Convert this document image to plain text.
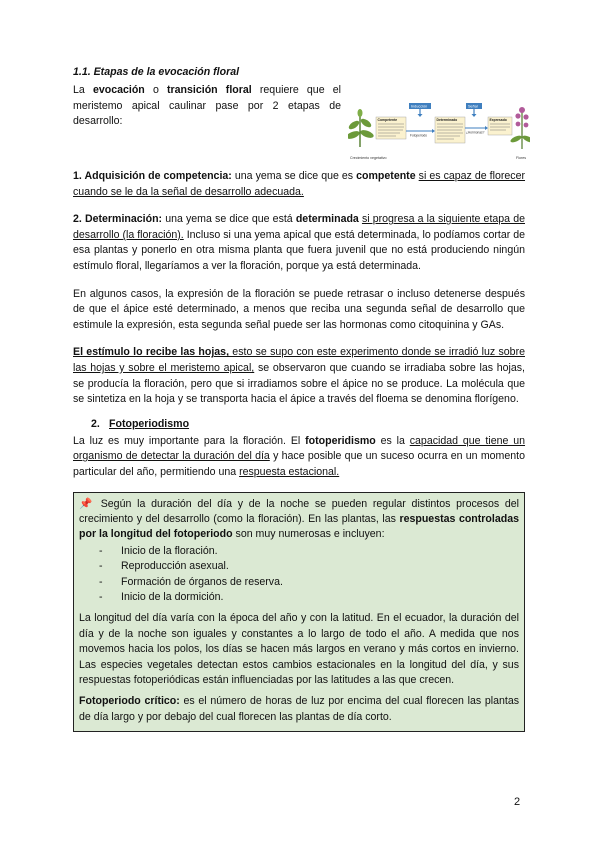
1.1. Etapas de la evocación floral

La evocación o transición floral requiere que el meristemo apical caulinar pase por 2 etapas de desarrollo:

Crecimiento vegetativo
Inducción	Señal
Competente	Determinado	Expresado
Fotoperiodo
¿Hormonas?
Flores

1. Adquisición de competencia: una yema se dice que es competente si es capaz de florecer cuando se le da la señal de desarrollo adecuada.

2. Determinación: una yema se dice que está determinada si progresa a la siguiente etapa de desarrollo (la floración). Incluso si una yema apical que está determinada, lo podíamos cortar de esa plantas y ponerlo en otra misma planta que fuera juvenil que no está produciendo ningún estímulo floral, llegaríamos a ver la floración, porque ya está determinada.

En algunos casos, la expresión de la floración se puede retrasar o incluso detenerse después de que el ápice esté determinado, a menos que reciba una segunda señal de desarrollo que estimule la expresión, esta segunda señal puede ser las hormonas como citoquinina y GAs.

El estímulo lo recibe las hojas, esto se supo con este experimento donde se irradió luz sobre las hojas y sobre el meristemo apical, se observaron que cuando se irradiaba sobre las hojas, se producía la floración, pero que si irradiamos sobre el ápice no se produce. La molécula que se sintetiza en la hoja y se transporta hacia el ápice a través del floema se denomina florígeno.

2. Fotoperiodismo

La luz es muy importante para la floración. El fotoperidismo es la capacidad que tiene un organismo de detectar la duración del día y hace posible que un suceso ocurra en un momento particular del año, permitiendo una respuesta estacional.

📌 Según la duración del día y de la noche se pueden regular distintos procesos del crecimiento y del desarrollo (como la floración). En las plantas, las respuestas controladas por la longitud del fotoperiodo son muy numerosas e incluyen:

- Inicio de la floración.
- Reproducción asexual.
- Formación de órganos de reserva.
- Inicio de la dormición.

La longitud del día varía con la época del año y con la latitud. En el ecuador, la duración del día y de la noche son iguales y constantes a lo largo de todo el año. A medida que nos movemos hacia los polos, los días se hacen más largos en verano y más cortos en invierno. Las especies vegetales detectan estos cambios estacionales en la longitud del día, y sus respuestas fotoperiódicas están influenciadas por las latitudes a las que crecen.

Fotoperiodo crítico: es el número de horas de luz por encima del cual florecen las plantas de día largo y por debajo del cual florecen las plantas de día corto.

2
